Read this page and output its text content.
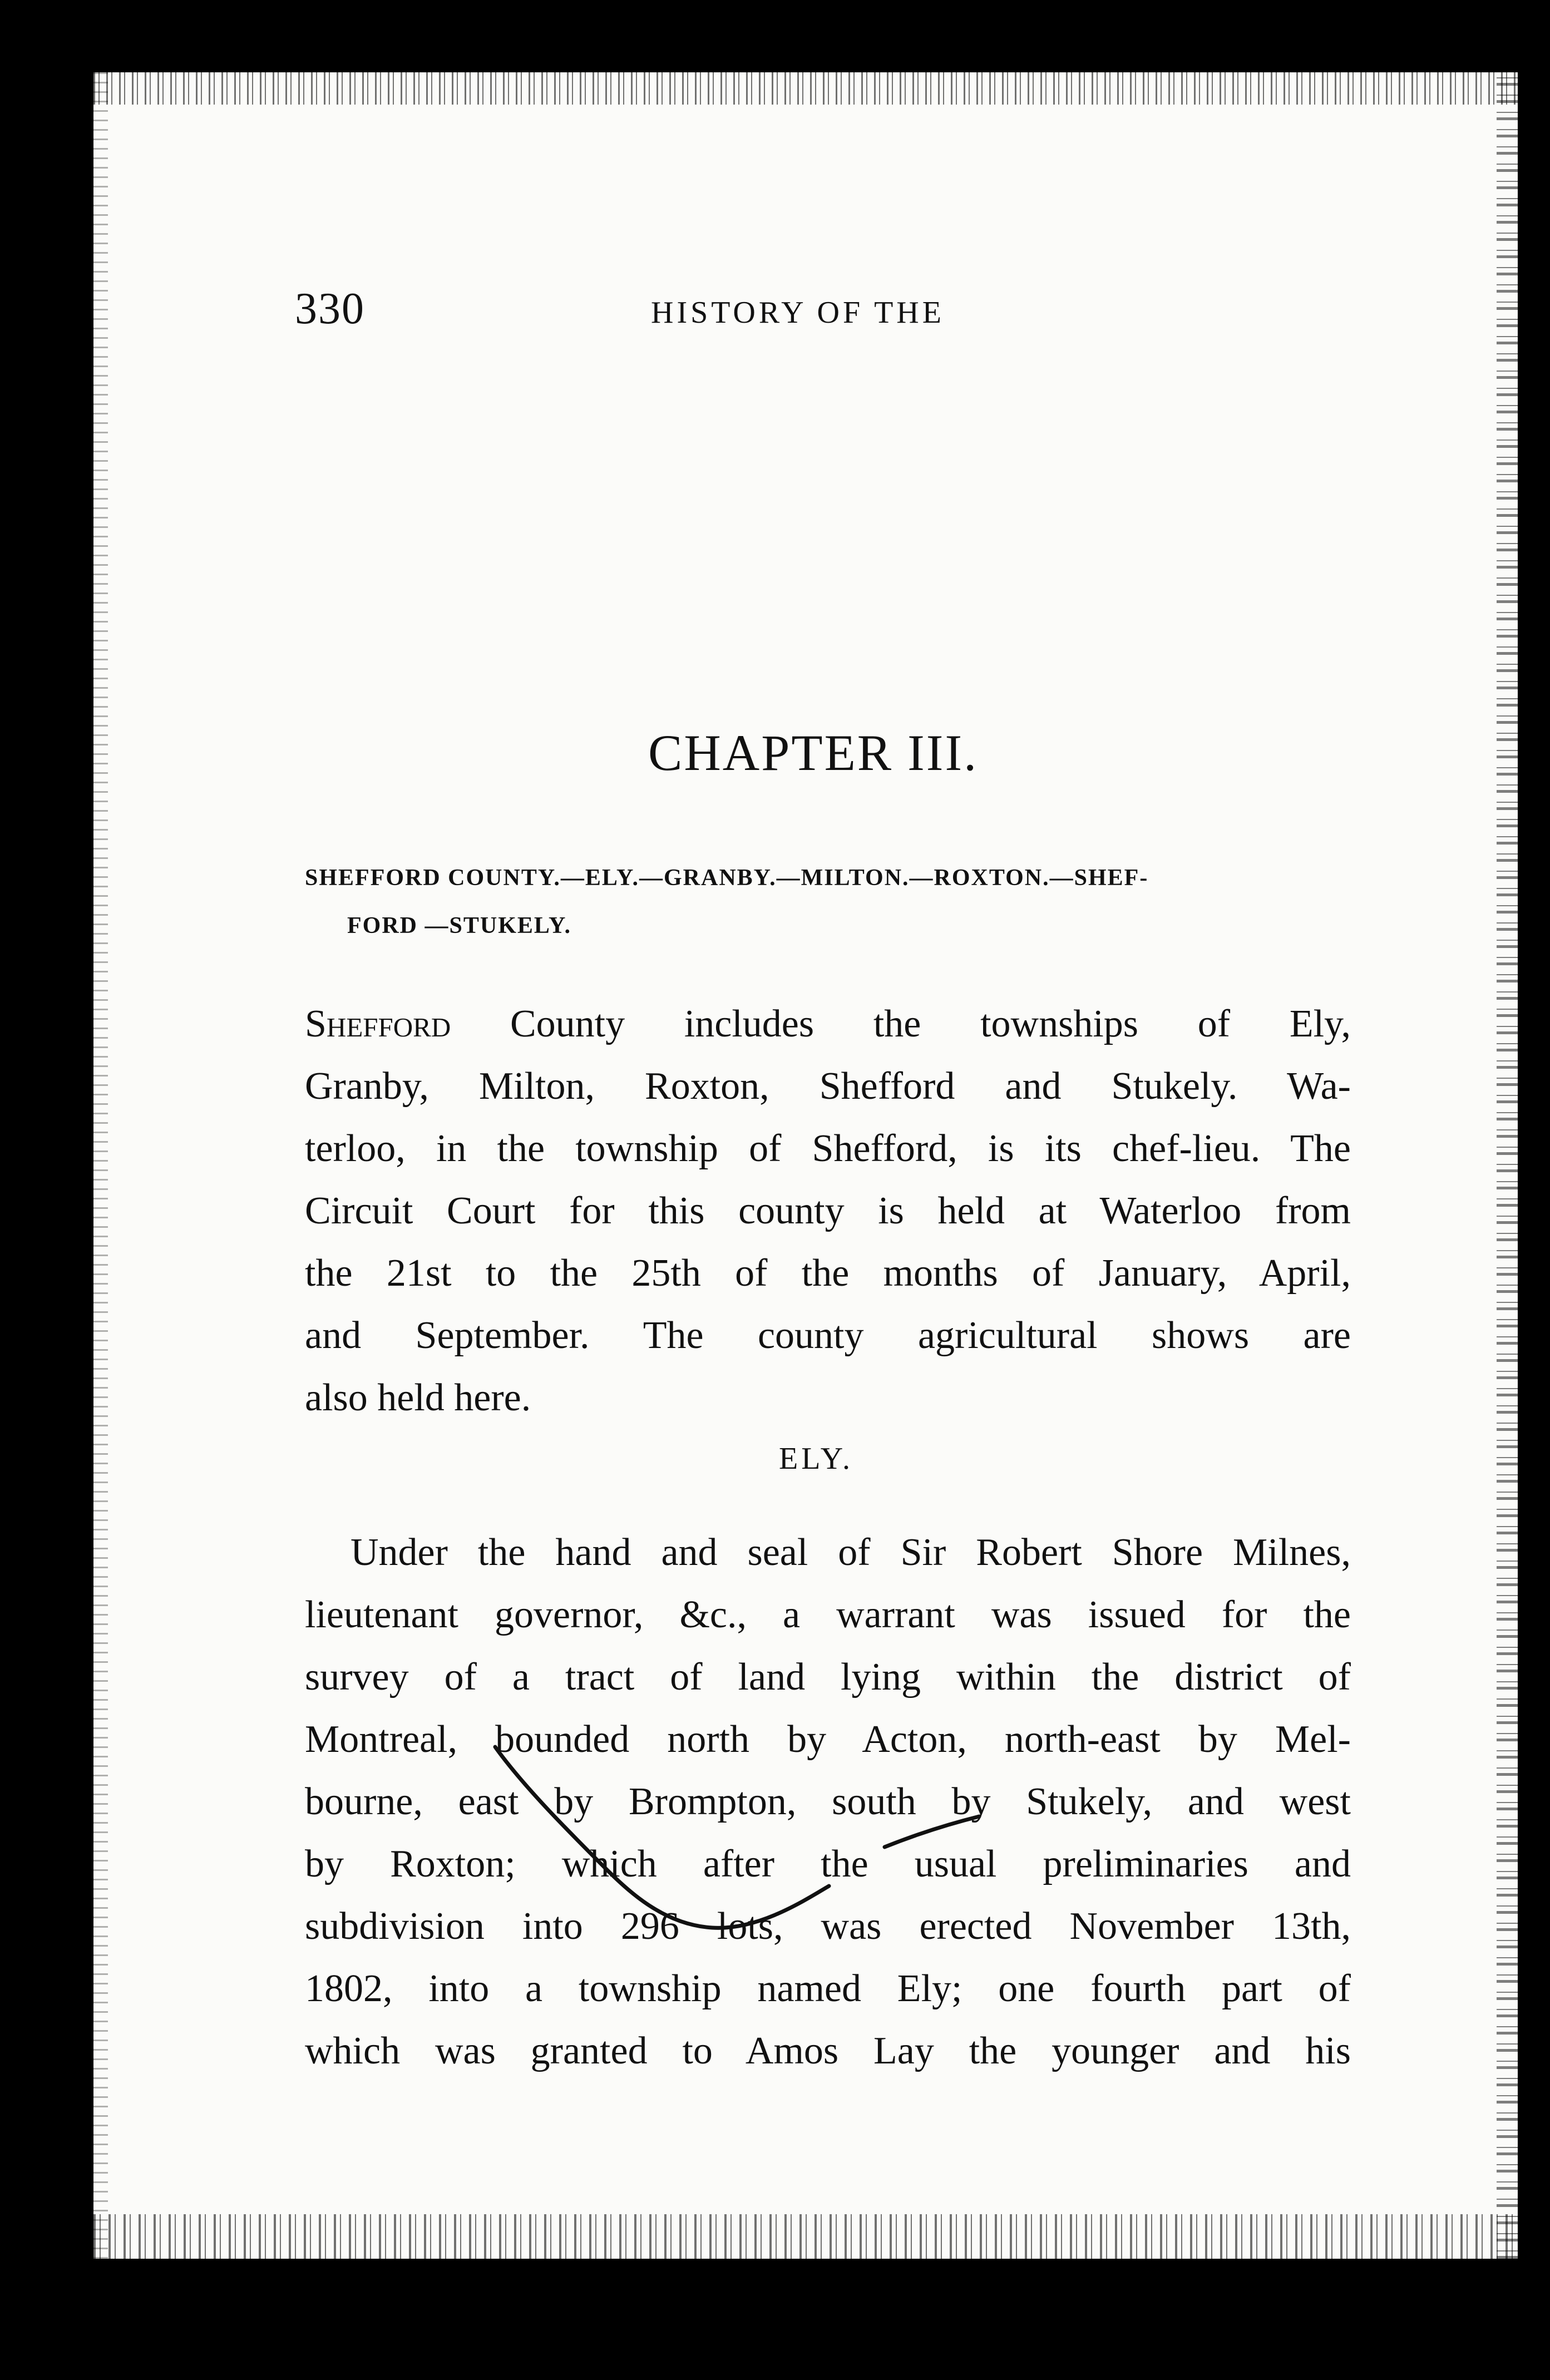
330	HISTORY OF THE
CHAPTER III.
SHEFFORD COUNTY.—ELY.—GRANBY.—MILTON.—ROXTON.—SHEF-
FORD —STUKELY.
Shefford County includes the townships of Ely,
Granby, Milton, Roxton, Shefford and Stukely. Wa-
terloo, in the township of Shefford, is its chef-lieu. The
Circuit Court for this county is held at Waterloo from
the 21st to the 25th of the months of January, April,
and September. The county agricultural shows are
also held here.
ELY.
Under the hand and seal of Sir Robert Shore Milnes,
lieutenant governor, &c., a warrant was issued for the
survey of a tract of land lying within the district of
Montreal, bounded north by Acton, north-east by Mel-
bourne, east by Brompton, south by Stukely, and west
by Roxton; which after the usual preliminaries and
subdivision into 296 lots, was erected November 13th,
1802, into a township named Ely; one fourth part of
which was granted to Amos Lay the younger and his
